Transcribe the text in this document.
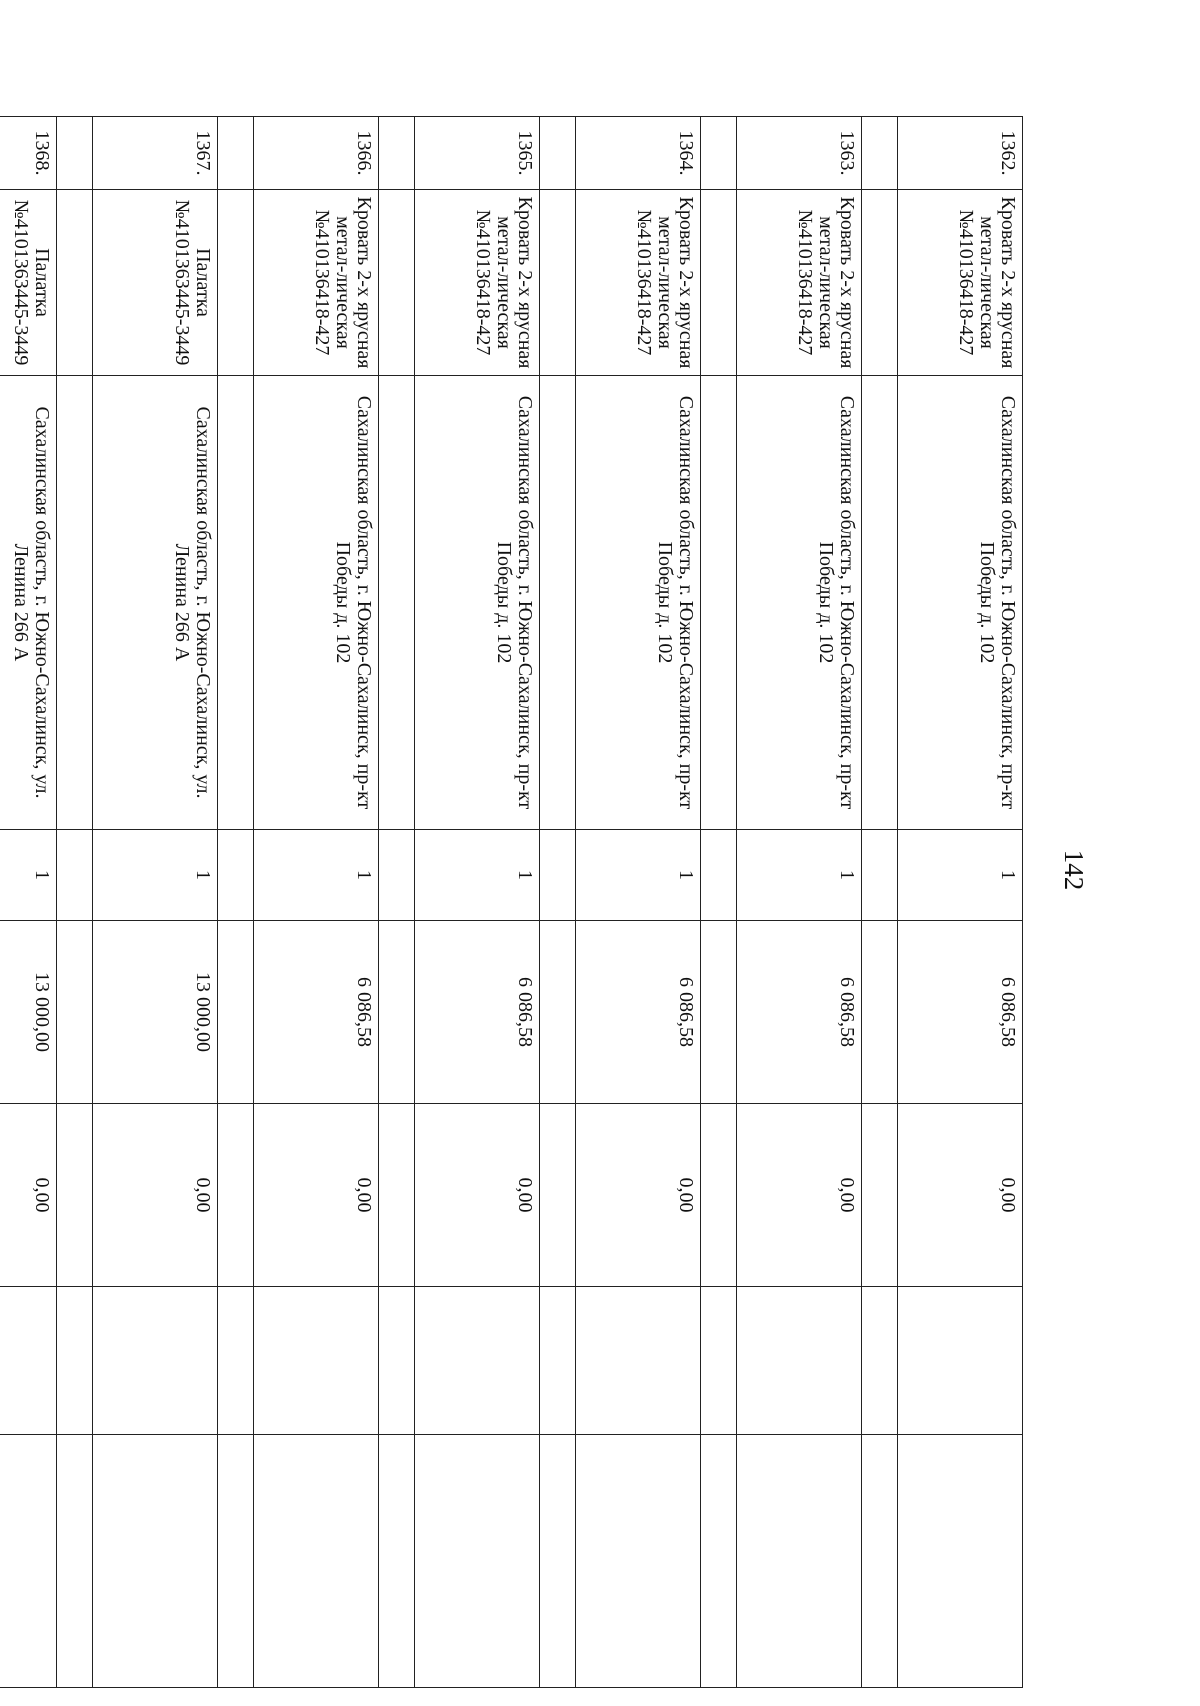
142
1362.	Кровать 2-х ярусная метал-лическая №410136418-427	Сахалинская область, г. Южно-Сахалинск, пр-кт Победы д. 102	1	6 086,58	0,00		

1363.	Кровать 2-х ярусная метал-лическая №410136418-427	Сахалинская область, г. Южно-Сахалинск, пр-кт Победы д. 102	1	6 086,58	0,00		

1364.	Кровать 2-х ярусная метал-лическая №410136418-427	Сахалинская область, г. Южно-Сахалинск, пр-кт Победы д. 102	1	6 086,58	0,00		

1365.	Кровать 2-х ярусная метал-лическая №410136418-427	Сахалинская область, г. Южно-Сахалинск, пр-кт Победы д. 102	1	6 086,58	0,00		

1366.	Кровать 2-х ярусная метал-лическая №410136418-427	Сахалинская область, г. Южно-Сахалинск, пр-кт Победы д. 102	1	6 086,58	0,00		

1367.	Палатка №4101363445-3449	Сахалинская область, г. Южно-Сахалинск, ул. Ленина 266 А	1	13 000,00	0,00		

1368.	Палатка №4101363445-3449	Сахалинская область, г. Южно-Сахалинск, ул. Ленина 266 А	1	13 000,00	0,00		
